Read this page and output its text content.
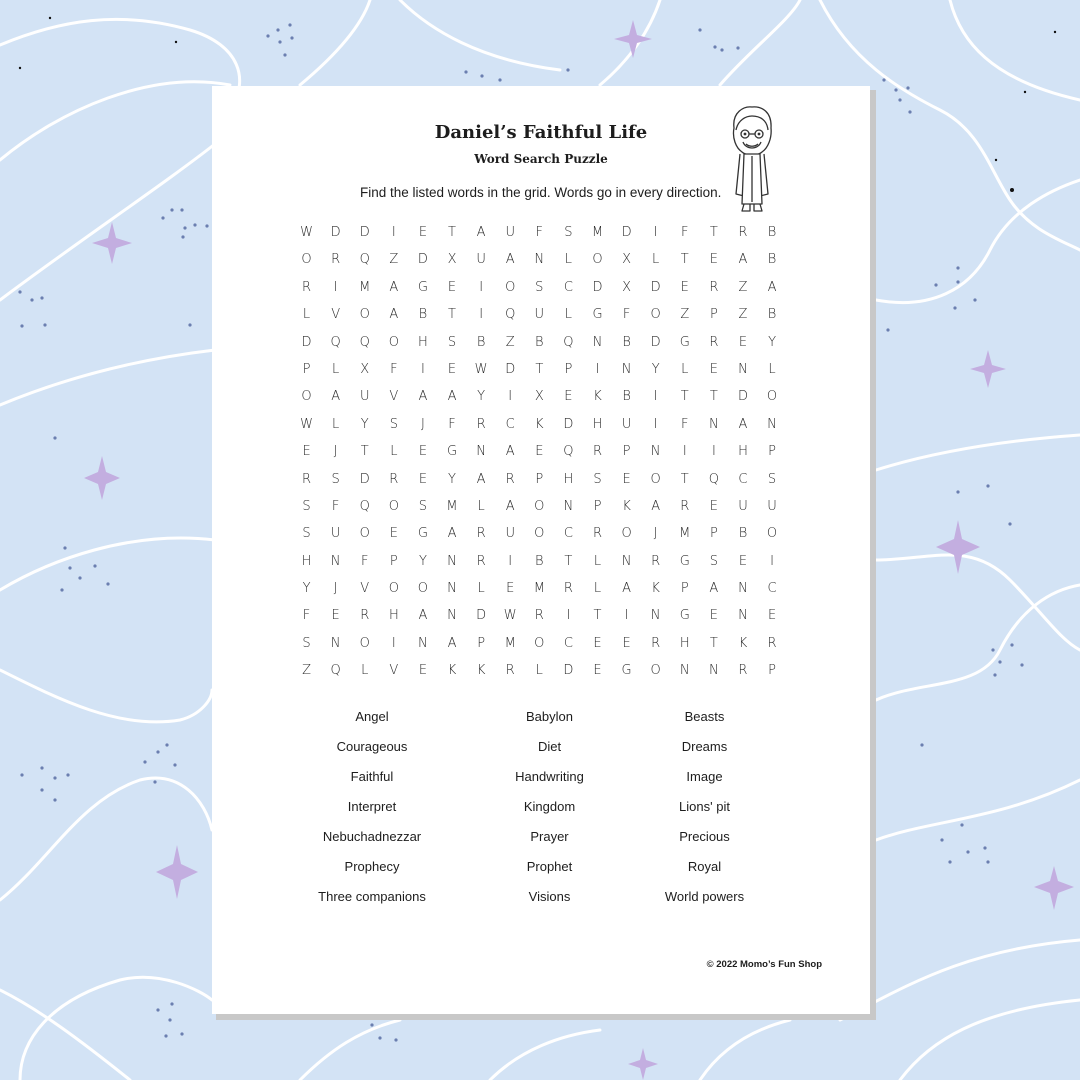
Daniel’s Faithful Life
Word Search Puzzle
Find the listed words in the grid. Words go in every direction.
W	D	D	I	E	T	A	U	F	S	M	D	I	F	T	R	B
O	R	Q	Z	D	X	U	A	N	L	O	X	L	T	E	A	B
R	I	M	A	G	E	I	O	S	C	D	X	D	E	R	Z	A
L	V	O	A	B	T	I	Q	U	L	G	F	O	Z	P	Z	B
D	Q	Q	O	H	S	B	Z	B	Q	N	B	D	G	R	E	Y
P	L	X	F	I	E	W	D	T	P	I	N	Y	L	E	N	L
O	A	U	V	A	A	Y	I	X	E	K	B	I	T	T	D	O
W	L	Y	S	J	F	R	C	K	D	H	U	I	F	N	A	N
E	J	T	L	E	G	N	A	E	Q	R	P	N	I	I	H	P
R	S	D	R	E	Y	A	R	P	H	S	E	O	T	Q	C	S
S	F	Q	O	S	M	L	A	O	N	P	K	A	R	E	U	U
S	U	O	E	G	A	R	U	O	C	R	O	J	M	P	B	O
H	N	F	P	Y	N	R	I	B	T	L	N	R	G	S	E	I
Y	J	V	O	O	N	L	E	M	R	L	A	K	P	A	N	C
F	E	R	H	A	N	D	W	R	I	T	I	N	G	E	N	E
S	N	O	I	N	A	P	M	O	C	E	E	R	H	T	K	R
Z	Q	L	V	E	K	K	R	L	D	E	G	O	N	N	R	P
Angel	Babylon	Beasts
Courageous	Diet	Dreams
Faithful	Handwriting	Image
Interpret	Kingdom	Lions' pit
Nebuchadnezzar	Prayer	Precious
Prophecy	Prophet	Royal
Three companions	Visions	World powers
© 2022 Momo’s Fun Shop
